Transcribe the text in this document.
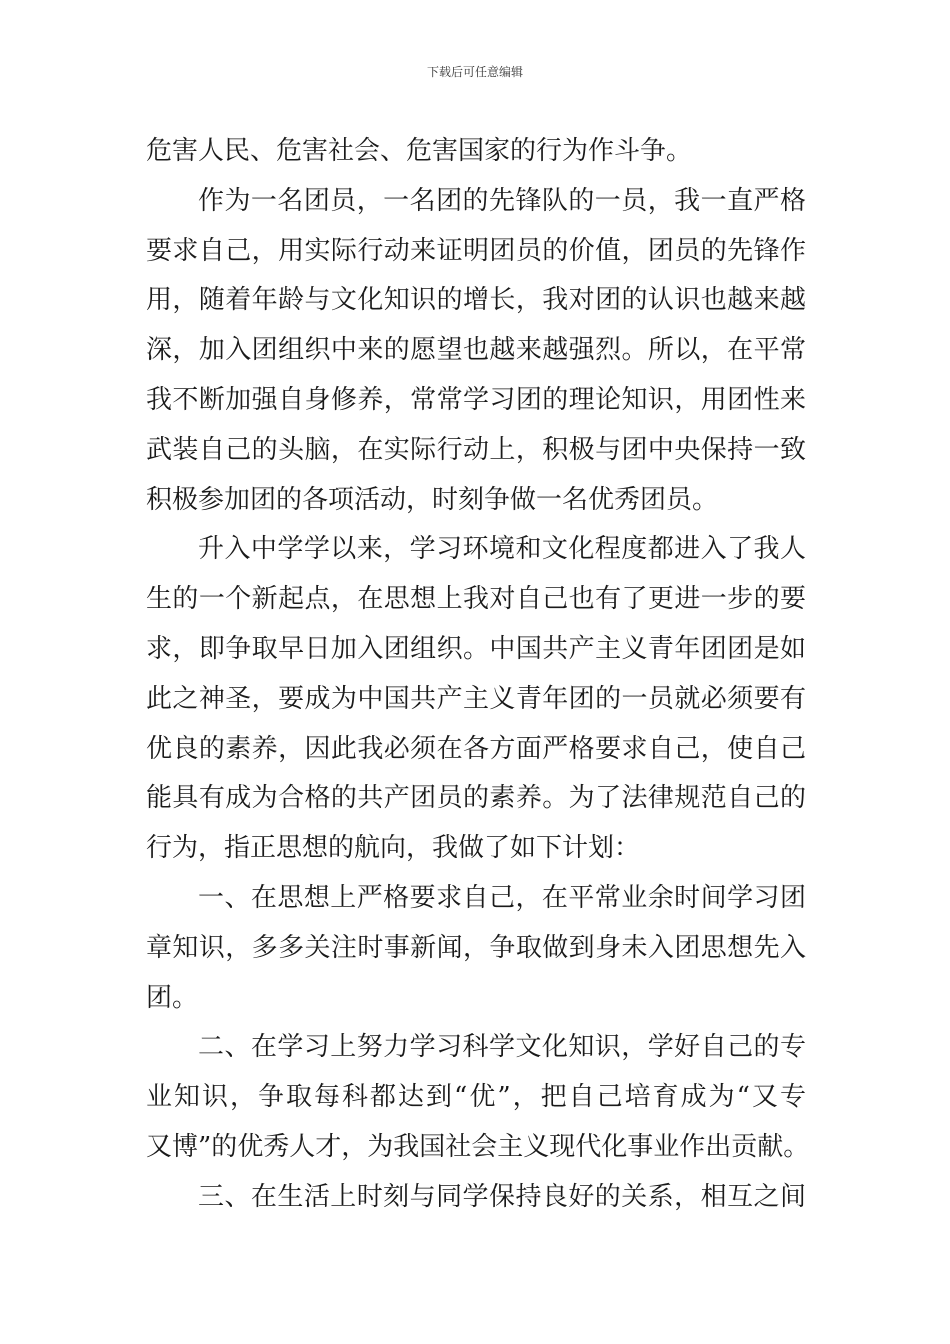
下载后可任意编辑
危害人民、危害社会、危害国家的行为作斗争。
作为一名团员，一名团的先锋队的一员，我一直严格
要求自己，用实际行动来证明团员的价值，团员的先锋作
用，随着年龄与文化知识的增长，我对团的认识也越来越
深，加入团组织中来的愿望也越来越强烈。所以，在平常
我不断加强自身修养，常常学习团的理论知识，用团性来
武装自己的头脑，在实际行动上，积极与团中央保持一致
积极参加团的各项活动，时刻争做一名优秀团员。
升入中学学以来，学习环境和文化程度都进入了我人
生的一个新起点，在思想上我对自己也有了更进一步的要
求，即争取早日加入团组织。中国共产主义青年团团是如
此之神圣，要成为中国共产主义青年团的一员就必须要有
优良的素养，因此我必须在各方面严格要求自己，使自己
能具有成为合格的共产团员的素养。为了法律规范自己的
行为，指正思想的航向，我做了如下计划：
一、在思想上严格要求自己，在平常业余时间学习团
章知识，多多关注时事新闻，争取做到身未入团思想先入
团。
二、在学习上努力学习科学文化知识，学好自己的专
业知识，争取每科都达到“优”，把自己培育成为“又专
又博”的优秀人才，为我国社会主义现代化事业作出贡献。
三、在生活上时刻与同学保持良好的关系，相互之间
